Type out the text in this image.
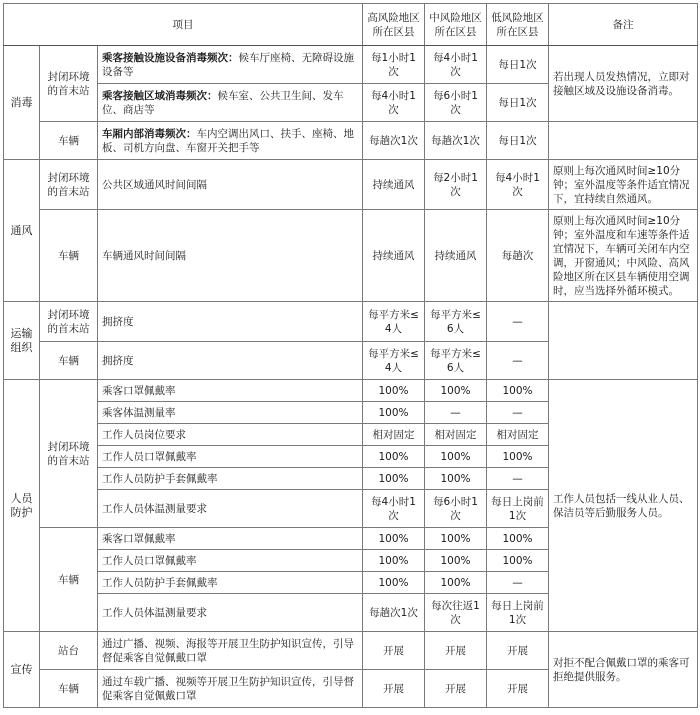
项目			高风险地区所在区县	中风险地区所在区县	低风险地区所在区县	备注
消毒	封闭环境的首末站	乘客接触设施设备消毒频次：候车厅座椅、无障碍设施设备等	每1小时1次	每4小时1次	每日1次	若出现人员发热情况，立即对接触区域及设施设备消毒。
		乘客接触区域消毒频次：候车室、公共卫生间、发车位、商店等	每4小时1次	每6小时1次	每日1次	
	车辆	车厢内部消毒频次：车内空调出风口、扶手、座椅、地板、司机方向盘、车窗开关把手等	每趟次1次	每趟次1次	每日1次	
通风	封闭环境的首末站	公共区域通风时间间隔	持续通风	每2小时1次	每4小时1次	原则上每次通风时间≥10分钟；室外温度等条件适宜情况下，宜持续自然通风。
	车辆	车辆通风时间间隔	持续通风	持续通风	每趟次	原则上每次通风时间≥10分钟；室外温度和车速等条件适宜情况下，车辆可关闭车内空调，开窗通风；中风险、高风险地区所在区县车辆使用空调时，应当选择外循环模式。
运输组织	封闭环境的首末站	拥挤度	每平方米≤4人	每平方米≤6人	—	
	车辆	拥挤度	每平方米≤4人	每平方米≤6人	—	
人员防护	封闭环境的首末站	乘客口罩佩戴率	100%	100%	100%	工作人员包括一线从业人员、保洁员等后勤服务人员。
		乘客体温测量率	100%	—	—	
		工作人员岗位要求	相对固定	相对固定	相对固定	
		工作人员口罩佩戴率	100%	100%	100%	
		工作人员防护手套佩戴率	100%	100%	—	
		工作人员体温测量要求	每4小时1次	每6小时1次	每日上岗前1次	
	车辆	乘客口罩佩戴率	100%	100%	100%	
		工作人员口罩佩戴率	100%	100%	100%	
		工作人员防护手套佩戴率	100%	100%	—	
		工作人员体温测量要求	每趟次1次	每次往返1次	每日上岗前1次	
宣传	站台	通过广播、视频、海报等开展卫生防护知识宣传，引导督促乘客自觉佩戴口罩	开展	开展	开展	对拒不配合佩戴口罩的乘客可拒绝提供服务。
	车辆	通过车载广播、视频等开展卫生防护知识宣传，引导督促乘客自觉佩戴口罩	开展	开展	开展	
